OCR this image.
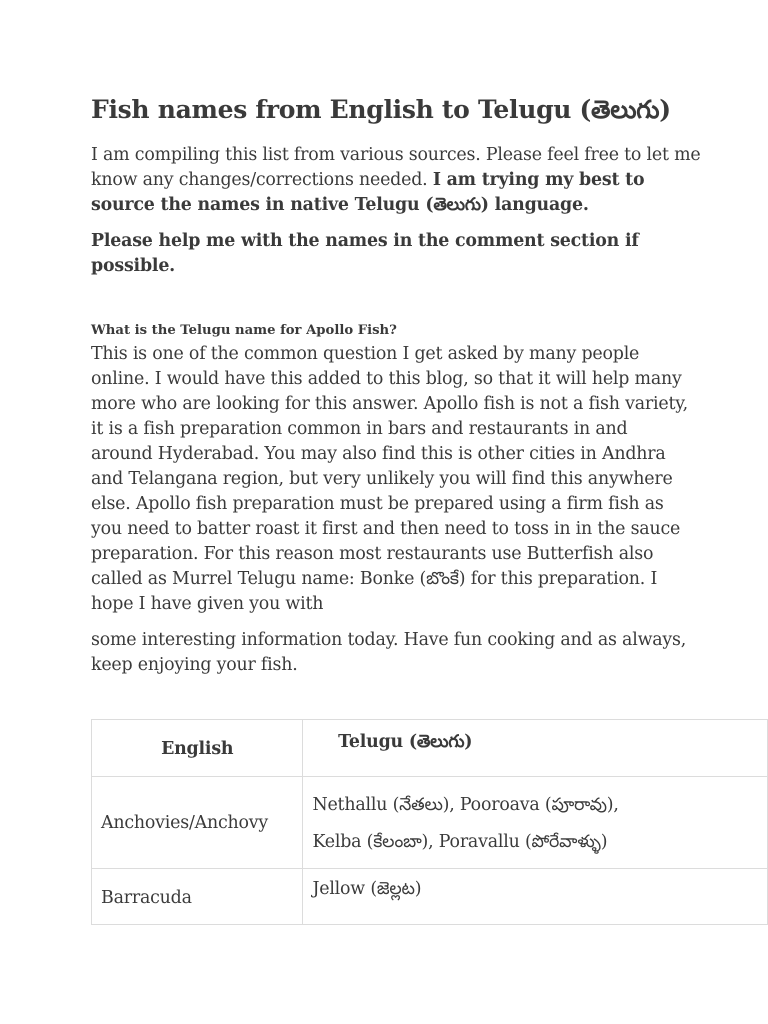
Fish names from English to Telugu (తెలుగు)

I am compiling this list from various sources. Please feel free to let me know any changes/corrections needed. I am trying my best to source the names in native Telugu (తెలుగు) language.

Please help me with the names in the comment section if possible.

What is the Telugu name for Apollo Fish?

This is one of the common question I get asked by many people online. I would have this added to this blog, so that it will help many more who are looking for this answer. Apollo fish is not a fish variety, it is a fish preparation common in bars and restaurants in and around Hyderabad. You may also find this is other cities in Andhra and Telangana region, but very unlikely you will find this anywhere else. Apollo fish preparation must be prepared using a firm fish as you need to batter roast it first and then need to toss in in the sauce preparation. For this reason most restaurants use Butterfish also called as Murrel Telugu name: Bonke (బొంకే) for this preparation. I hope I have given you with

some interesting information today. Have fun cooking and as always, keep enjoying your fish.

English	Telugu (తెలుగు)
Anchovies/Anchovy	Nethallu (నేతలు), Pooroava (పూరావు),
Kelba (కేలంబా), Poravallu (పోరేవాళ్ళు)

Barracuda	Jellow (జెల్లట)
